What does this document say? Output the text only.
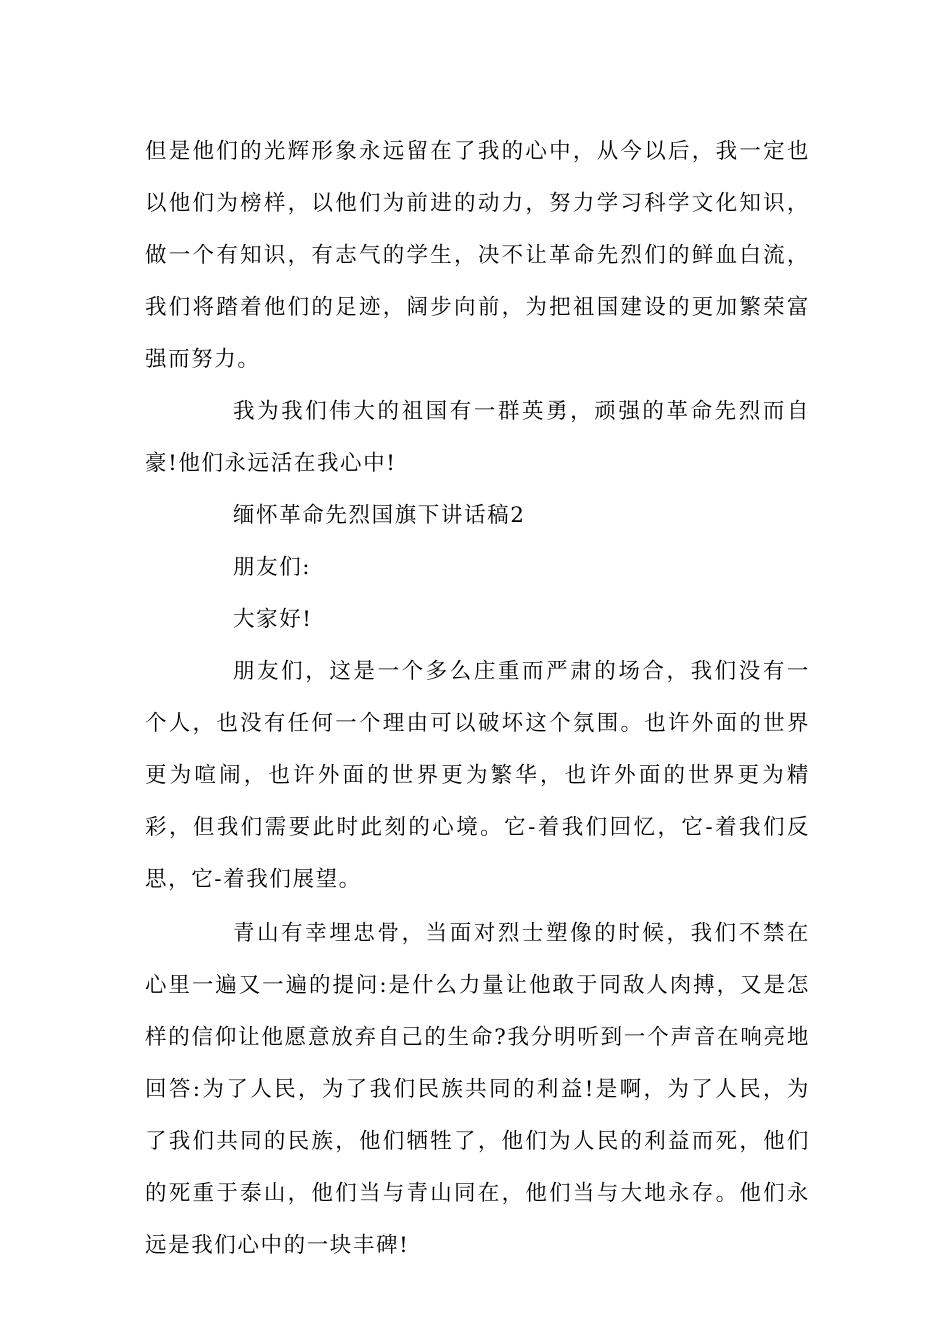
但是他们的光辉形象永远留在了我的心中，从今以后，我一定也以他们为榜样，以他们为前进的动力，努力学习科学文化知识，做一个有知识，有志气的学生，决不让革命先烈们的鲜血白流，我们将踏着他们的足迹，阔步向前，为把祖国建设的更加繁荣富强而努力。

我为我们伟大的祖国有一群英勇，顽强的革命先烈而自豪!他们永远活在我心中!

缅怀革命先烈国旗下讲话稿2

朋友们:

大家好!

朋友们，这是一个多么庄重而严肃的场合，我们没有一个人，也没有任何一个理由可以破坏这个氛围。也许外面的世界更为喧闹，也许外面的世界更为繁华，也许外面的世界更为精彩，但我们需要此时此刻的心境。它-着我们回忆，它-着我们反思，它-着我们展望。

青山有幸埋忠骨，当面对烈士塑像的时候，我们不禁在心里一遍又一遍的提问:是什么力量让他敢于同敌人肉搏，又是怎样的信仰让他愿意放弃自己的生命?我分明听到一个声音在响亮地回答:为了人民，为了我们民族共同的利益!是啊，为了人民，为了我们共同的民族，他们牺牲了，他们为人民的利益而死，他们的死重于泰山，他们当与青山同在，他们当与大地永存。他们永远是我们心中的一块丰碑!
